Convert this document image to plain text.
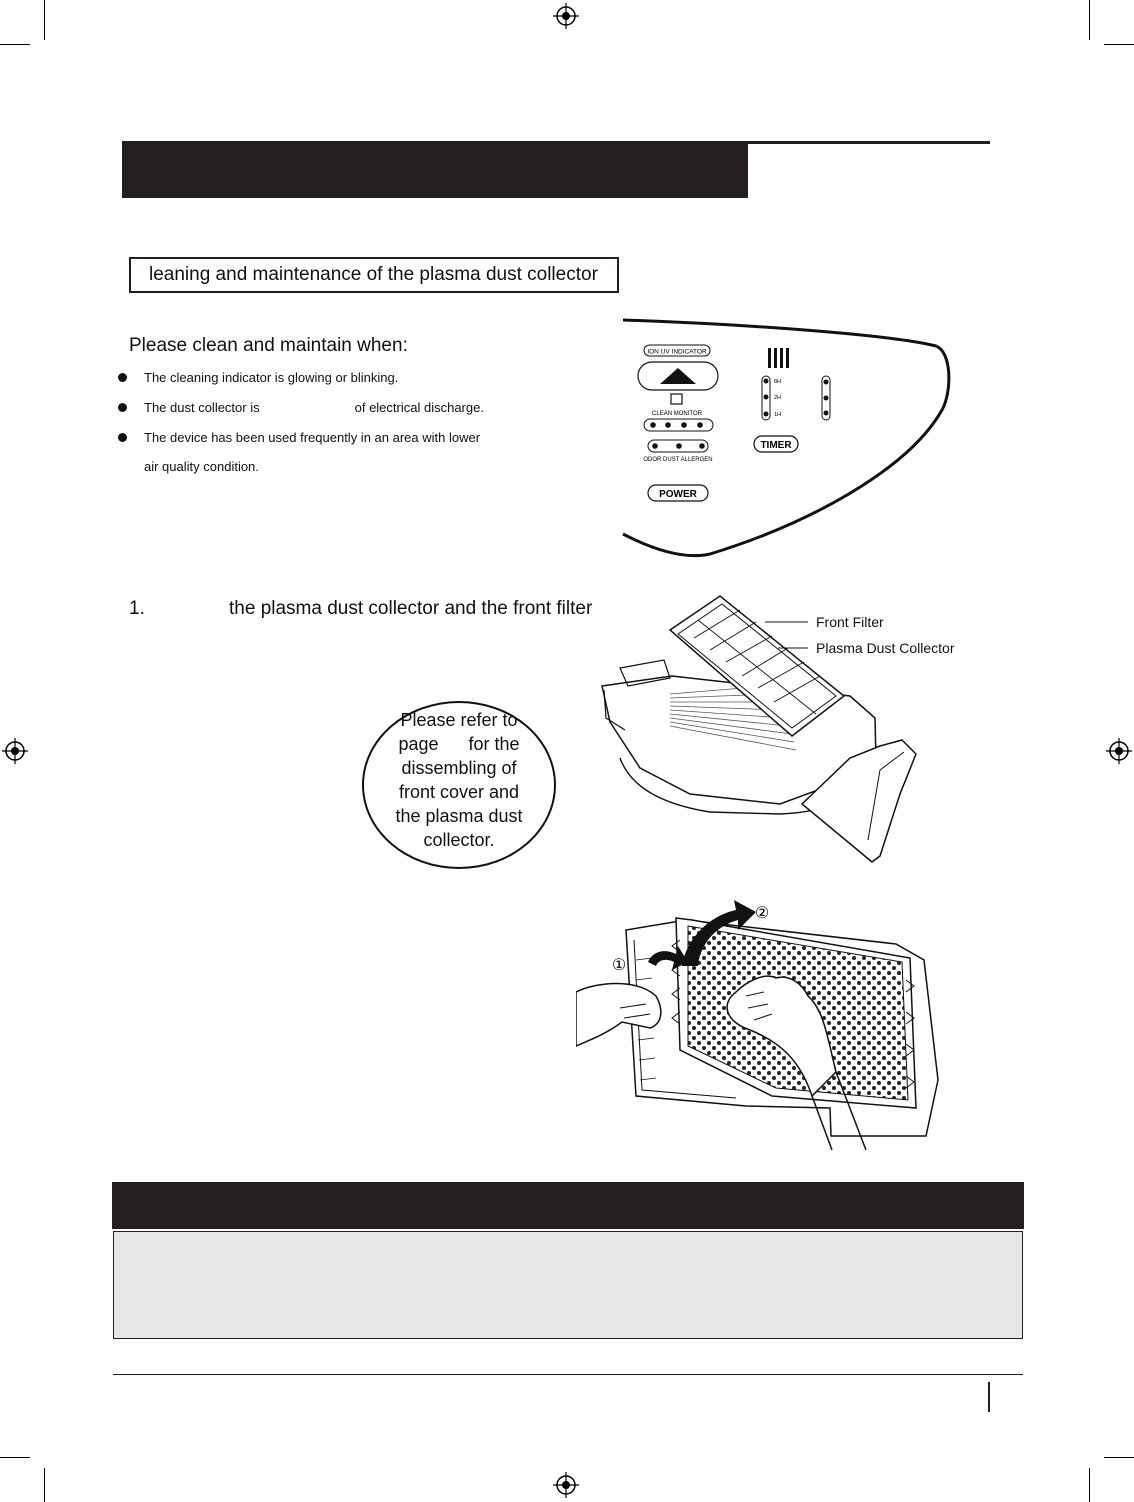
leaning and maintenance of the plasma dust collector
Please clean and maintain when:
The cleaning indicator is glowing or blinking.
The dust collector is	of electrical discharge.
The device has been used frequently in an area with lower
air quality condition.
ION UV INDICATOR
CLEAN MONITOR
ODOR DUST ALLERGEN
POWER
8H
2H
1H
TIMER
1.	the plasma dust collector and the front filter
Front Filter
Plasma Dust Collector
Please refer to
page      for the
dissembling of
front cover and
the plasma dust
collector.
①
②
